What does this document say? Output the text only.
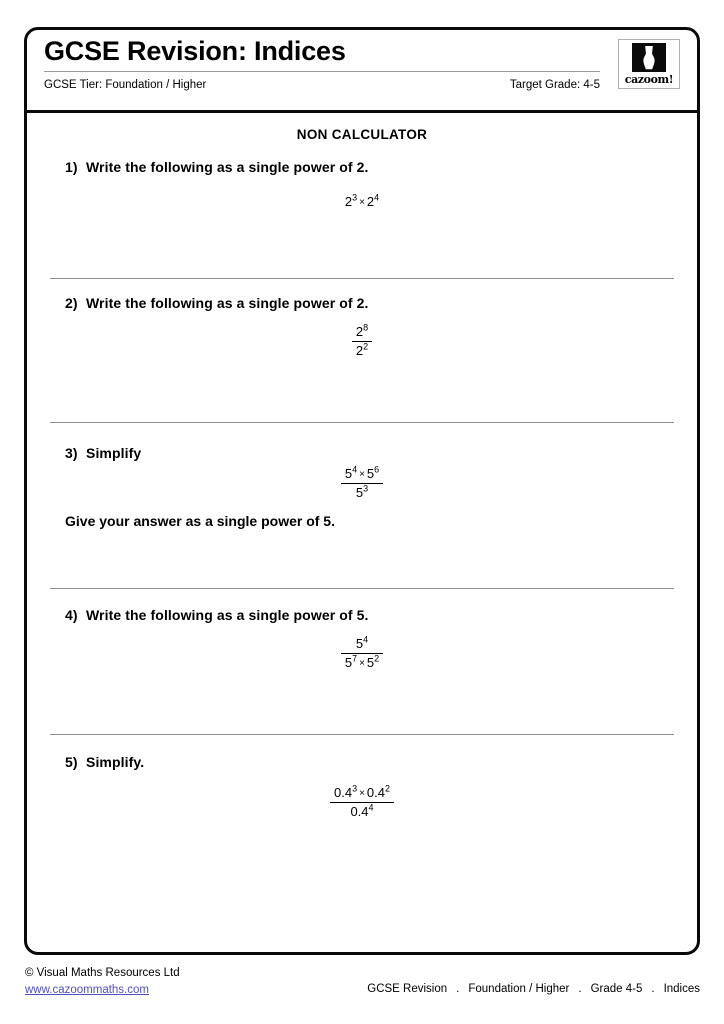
GCSE Revision: Indices
GCSE Tier: Foundation / Higher	Target Grade: 4-5	cazoom!
NON CALCULATOR
1) Write the following as a single power of 2.
$2^3 \times 2^4$
2) Write the following as a single power of 2.
$\frac{2^8}{2^2}$
3) Simplify
$\frac{5^4 \times 5^6}{5^3}$
Give your answer as a single power of 5.
4) Write the following as a single power of 5.
$\frac{5^4}{5^7 \times 5^2}$
5) Simplify.
$\frac{0.4^3 \times 0.4^2}{0.4^4}$
© Visual Maths Resources Ltd
www.cazoommaths.com	GCSE Revision . Foundation / Higher . Grade 4-5 . Indices
